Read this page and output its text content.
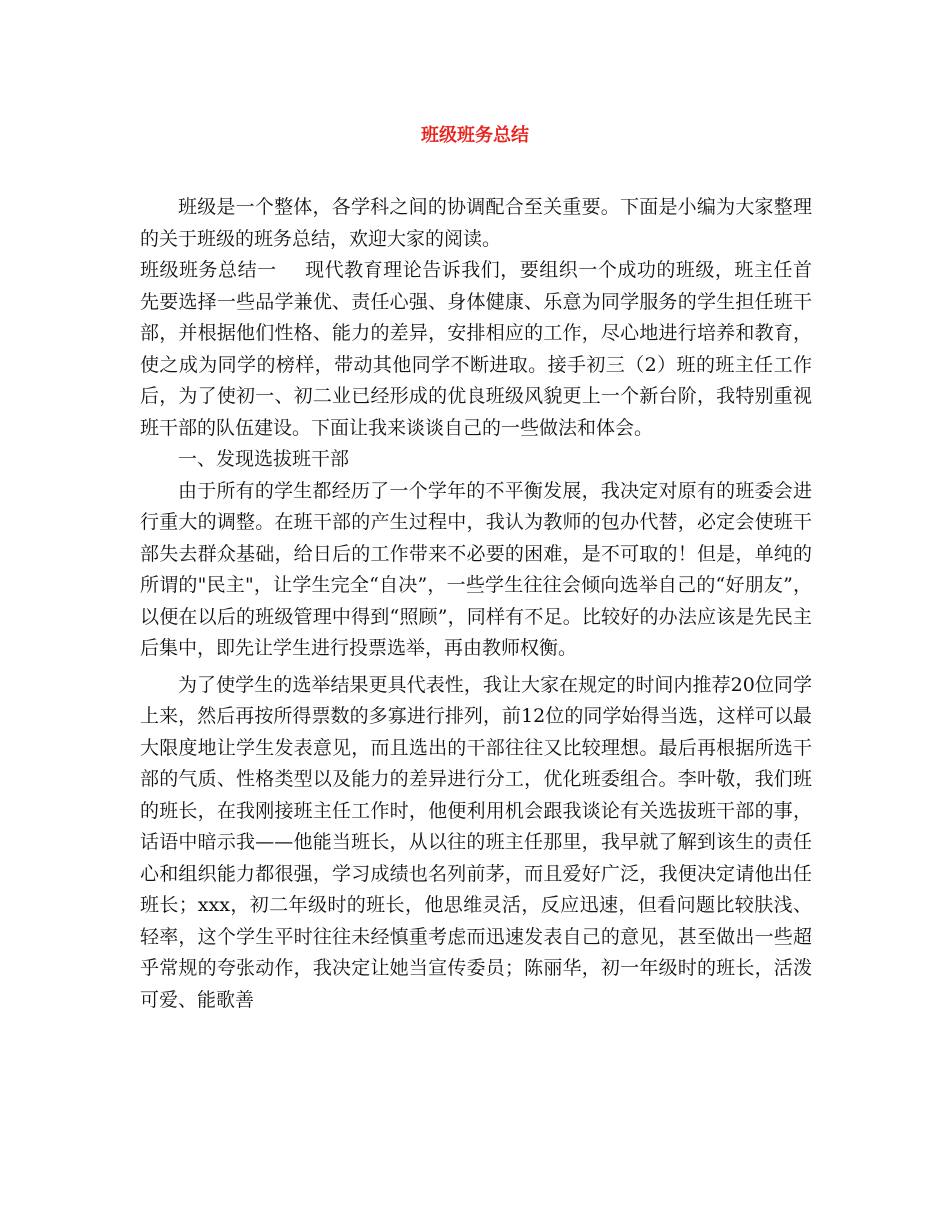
班级班务总结

班级是一个整体，各学科之间的协调配合至关重要。下面是小编为大家整理的关于班级的班务总结，欢迎大家的阅读。

班级班务总结一 现代教育理论告诉我们，要组织一个成功的班级，班主任首先要选择一些品学兼优、责任心强、身体健康、乐意为同学服务的学生担任班干部，并根据他们性格、能力的差异，安排相应的工作，尽心地进行培养和教育，使之成为同学的榜样，带动其他同学不断进取。接手初三（2）班的班主任工作后，为了使初一、初二业已经形成的优良班级风貌更上一个新台阶，我特别重视班干部的队伍建设。下面让我来谈谈自己的一些做法和体会。

一、发现选拔班干部

由于所有的学生都经历了一个学年的不平衡发展，我决定对原有的班委会进行重大的调整。在班干部的产生过程中，我认为教师的包办代替，必定会使班干部失去群众基础，给日后的工作带来不必要的困难，是不可取的！但是，单纯的所谓的"民主"，让学生完全“自决”，一些学生往往会倾向选举自己的“好朋友”，以便在以后的班级管理中得到“照顾”，同样有不足。比较好的办法应该是先民主后集中，即先让学生进行投票选举，再由教师权衡。

为了使学生的选举结果更具代表性，我让大家在规定的时间内推荐20位同学上来，然后再按所得票数的多寡进行排列，前12位的同学始得当选，这样可以最大限度地让学生发表意见，而且选出的干部往往又比较理想。最后再根据所选干部的气质、性格类型以及能力的差异进行分工，优化班委组合。李叶敬，我们班的班长，在我刚接班主任工作时，他便利用机会跟我谈论有关选拔班干部的事，话语中暗示我——他能当班长，从以往的班主任那里，我早就了解到该生的责任心和组织能力都很强，学习成绩也名列前茅，而且爱好广泛，我便决定请他出任班长；xxx，初二年级时的班长，他思维灵活，反应迅速，但看问题比较肤浅、轻率，这个学生平时往往未经慎重考虑而迅速发表自己的意见，甚至做出一些超乎常规的夸张动作，我决定让她当宣传委员；陈丽华，初一年级时的班长，活泼可爱、能歌善
